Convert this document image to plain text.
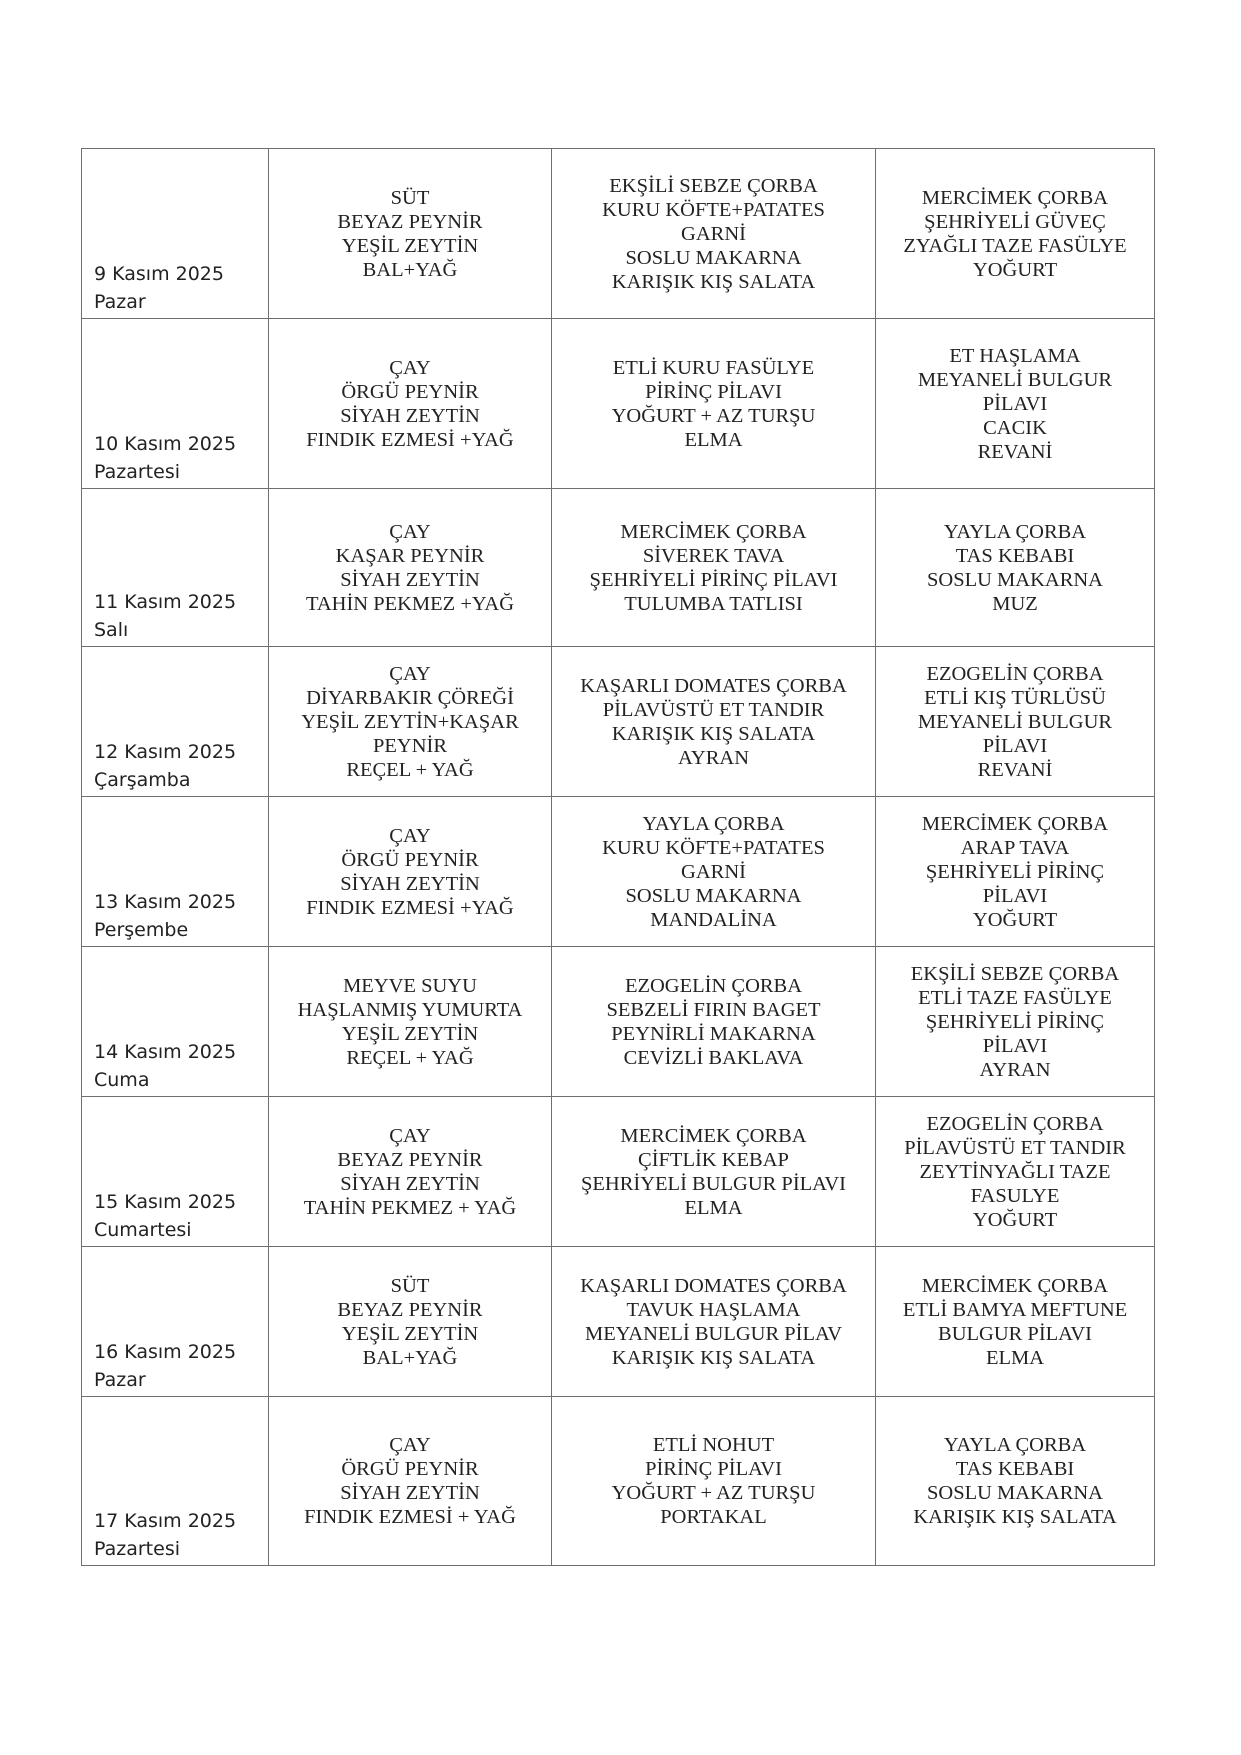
9 Kasım 2025
Pazar	SÜT
BEYAZ PEYNİR
YEŞİL ZEYTİN
BAL+YAĞ	EKŞİLİ SEBZE ÇORBA
KURU KÖFTE+PATATES
GARNİ
SOSLU MAKARNA
KARIŞIK KIŞ SALATA	MERCİMEK ÇORBA
ŞEHRİYELİ GÜVEÇ
ZYAĞLI TAZE FASÜLYE
YOĞURT

10 Kasım 2025
Pazartesi	ÇAY
ÖRGÜ PEYNİR
SİYAH ZEYTİN
FINDIK EZMESİ +YAĞ	ETLİ KURU FASÜLYE
PİRİNÇ PİLAVI
YOĞURT + AZ TURŞU
ELMA	ET HAŞLAMA
MEYANELİ BULGUR
PİLAVI
CACIK
REVANİ

11 Kasım 2025
Salı	ÇAY
KAŞAR PEYNİR
SİYAH ZEYTİN
TAHİN PEKMEZ +YAĞ	MERCİMEK ÇORBA
SİVEREK TAVA
ŞEHRİYELİ PİRİNÇ PİLAVI
TULUMBA TATLISI	YAYLA ÇORBA
TAS KEBABI
SOSLU MAKARNA
MUZ

12 Kasım 2025
Çarşamba	ÇAY
DİYARBAKIR ÇÖREĞİ
YEŞİL ZEYTİN+KAŞAR
PEYNİR
REÇEL + YAĞ	KAŞARLI DOMATES ÇORBA
PİLAVÜSTÜ ET TANDIR
KARIŞIK KIŞ SALATA
AYRAN	EZOGELİN ÇORBA
ETLİ KIŞ TÜRLÜSÜ
MEYANELİ BULGUR
PİLAVI
REVANİ

13 Kasım 2025
Perşembe	ÇAY
ÖRGÜ PEYNİR
SİYAH ZEYTİN
FINDIK EZMESİ +YAĞ	YAYLA ÇORBA
KURU KÖFTE+PATATES
GARNİ
SOSLU MAKARNA
MANDALİNA	MERCİMEK ÇORBA
ARAP TAVA
ŞEHRİYELİ PİRİNÇ
PİLAVI
YOĞURT

14 Kasım 2025
Cuma	MEYVE SUYU
HAŞLANMIŞ YUMURTA
YEŞİL ZEYTİN
REÇEL + YAĞ	EZOGELİN ÇORBA
SEBZELİ FIRIN BAGET
PEYNİRLİ MAKARNA
CEVİZLİ BAKLAVA	EKŞİLİ SEBZE ÇORBA
ETLİ TAZE FASÜLYE
ŞEHRİYELİ PİRİNÇ
PİLAVI
AYRAN

15 Kasım 2025
Cumartesi	ÇAY
BEYAZ PEYNİR
SİYAH ZEYTİN
TAHİN PEKMEZ + YAĞ	MERCİMEK ÇORBA
ÇİFTLİK KEBAP
ŞEHRİYELİ BULGUR PİLAVI
ELMA	EZOGELİN ÇORBA
PİLAVÜSTÜ ET TANDIR
ZEYTİNYAĞLI TAZE
FASULYE
YOĞURT

16 Kasım 2025
Pazar	SÜT
BEYAZ PEYNİR
YEŞİL ZEYTİN
BAL+YAĞ	KAŞARLI DOMATES ÇORBA
TAVUK HAŞLAMA
MEYANELİ BULGUR PİLAV
KARIŞIK KIŞ SALATA	MERCİMEK ÇORBA
ETLİ BAMYA MEFTUNE
BULGUR PİLAVI
ELMA

17 Kasım 2025
Pazartesi	ÇAY
ÖRGÜ PEYNİR
SİYAH ZEYTİN
FINDIK EZMESİ + YAĞ	ETLİ NOHUT
PİRİNÇ PİLAVI
YOĞURT + AZ TURŞU
PORTAKAL	YAYLA ÇORBA
TAS KEBABI
SOSLU MAKARNA
KARIŞIK KIŞ SALATA
